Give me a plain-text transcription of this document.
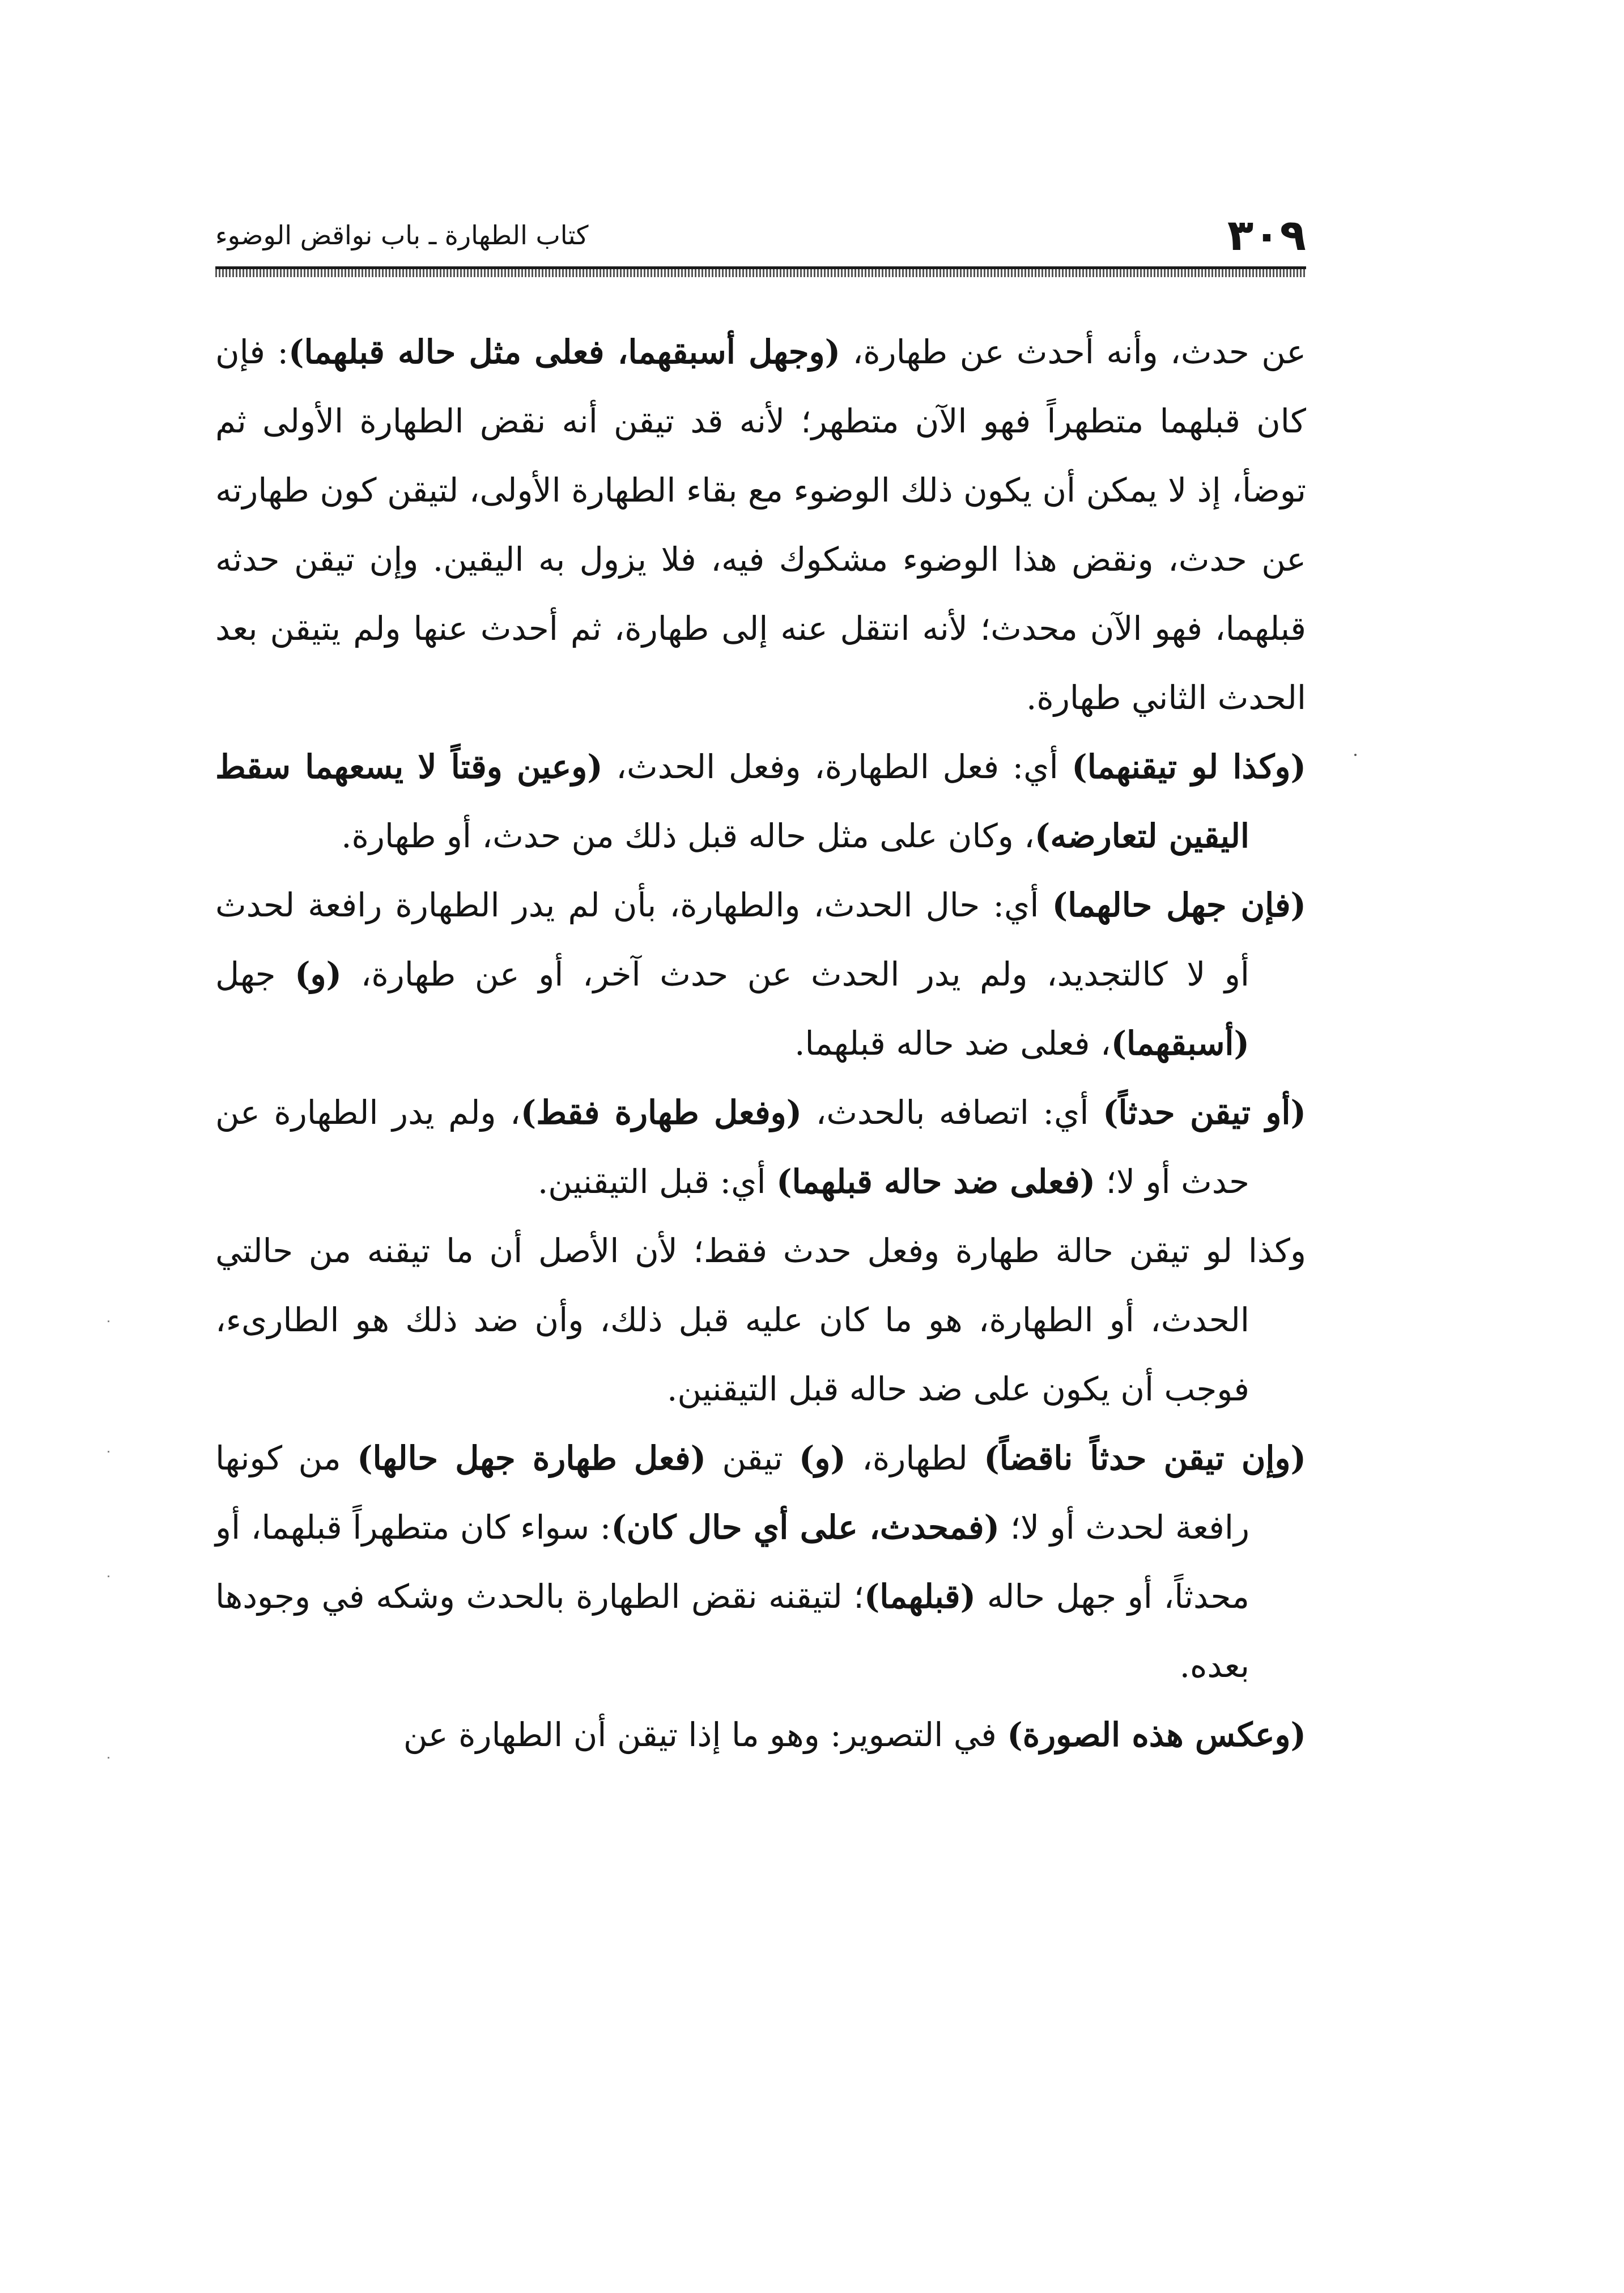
٣٠٩
كتاب الطهارة ـ باب نواقض الوضوء

عن حدث، وأنه أحدث عن طهارة، (وجهل أسبقهما، فعلى مثل حاله قبلهما): فإن كان قبلهما متطهراً فهو الآن متطهر؛ لأنه قد تيقن أنه نقض الطهارة الأولى ثم توضأ، إذ لا يمكن أن يكون ذلك الوضوء مع بقاء الطهارة الأولى، لتيقن كون طهارته عن حدث، ونقض هذا الوضوء مشكوك فيه، فلا يزول به اليقين. وإن تيقن حدثه قبلهما، فهو الآن محدث؛ لأنه انتقل عنه إلى طهارة، ثم أحدث عنها ولم يتيقن بعد الحدث الثاني طهارة.

(وكذا لو تيقنهما) أي: فعل الطهارة، وفعل الحدث، (وعين وقتاً لا يسعهما سقط اليقين لتعارضه)، وكان على مثل حاله قبل ذلك من حدث، أو طهارة.

(فإن جهل حالهما) أي: حال الحدث، والطهارة، بأن لم يدر الطهارة رافعة لحدث أو لا كالتجديد، ولم يدر الحدث عن حدث آخر، أو عن طهارة، (و) جهل (أسبقهما)، فعلى ضد حاله قبلهما.

(أو تيقن حدثاً) أي: اتصافه بالحدث، (وفعل طهارة فقط)، ولم يدر الطهارة عن حدث أو لا؛ (فعلى ضد حاله قبلهما) أي: قبل التيقنين.

وكذا لو تيقن حالة طهارة وفعل حدث فقط؛ لأن الأصل أن ما تيقنه من حالتي الحدث، أو الطهارة، هو ما كان عليه قبل ذلك، وأن ضد ذلك هو الطارىء، فوجب أن يكون على ضد حاله قبل التيقنين.

(وإن تيقن حدثاً ناقضاً) لطهارة، (و) تيقن (فعل طهارة جهل حالها) من كونها رافعة لحدث أو لا؛ (فمحدث، على أي حال كان): سواء كان متطهراً قبلهما، أو محدثاً، أو جهل حاله (قبلهما)؛ لتيقنه نقض الطهارة بالحدث وشكه في وجودها بعده.

(وعكس هذه الصورة) في التصوير: وهو ما إذا تيقن أن الطهارة عن
